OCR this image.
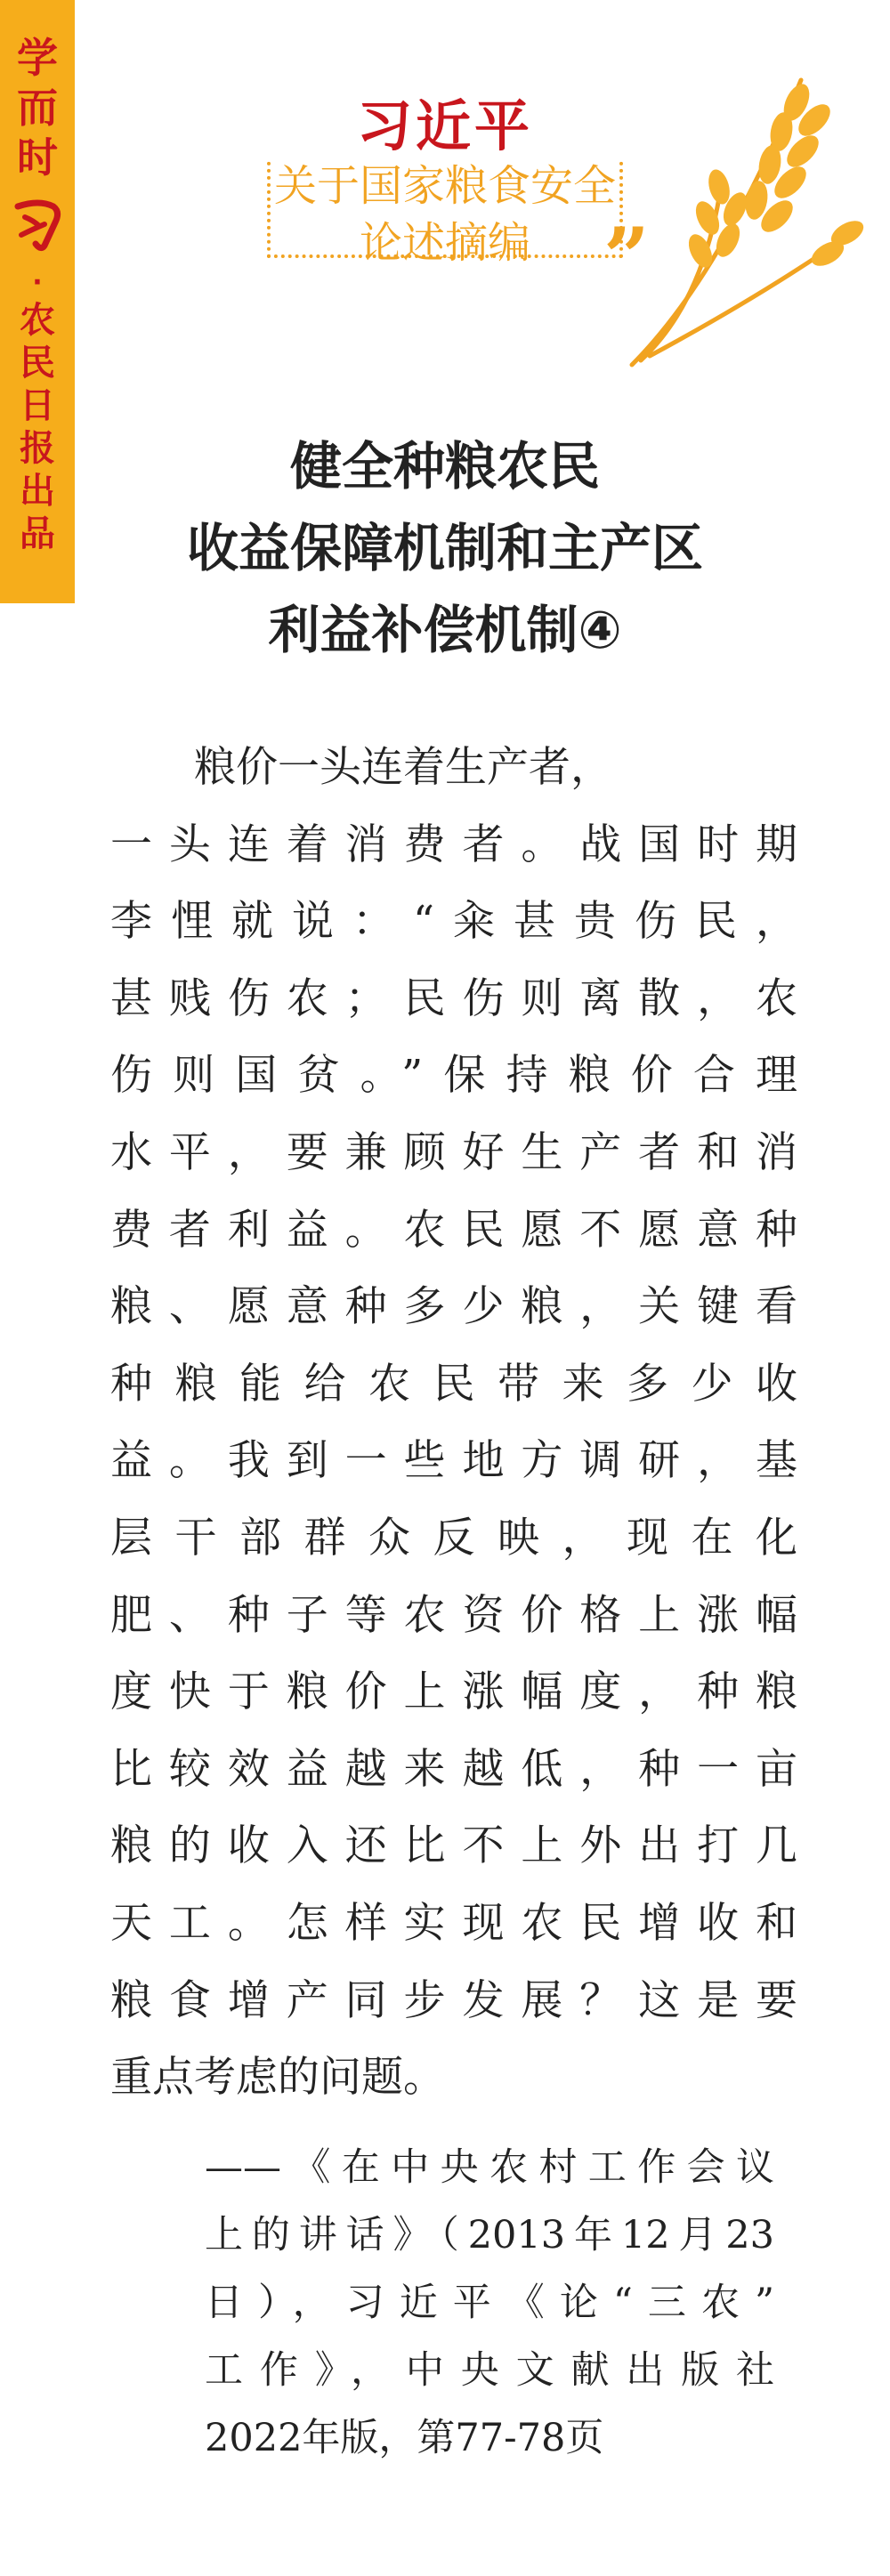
学
而
时
·
农
民
日
报
出
品
”
习近平
关于国家粮食安全
论述摘编
健全种粮农民
收益保障机制和主产区
利益补偿机制④
　　粮价一头连着生产者，
一头连着消费者。战国时期
李悝就说：“籴甚贵伤民，
甚贱伤农；民伤则离散，农
伤则国贫。”保持粮价合理
水平，要兼顾好生产者和消
费者利益。农民愿不愿意种
粮、愿意种多少粮，关键看
种粮能给农民带来多少收
益。我到一些地方调研，基
层干部群众反映，现在化
肥、种子等农资价格上涨幅
度快于粮价上涨幅度，种粮
比较效益越来越低，种一亩
粮的收入还比不上外出打几
天工。怎样实现农民增收和
粮食增产同步发展？这是要
重点考虑的问题。
——《在中央农村工作会议
上的讲话》（2013年12月23
日），习近平《论“三农”
工作》，中央文献出版社
2022年版，第77-78页
